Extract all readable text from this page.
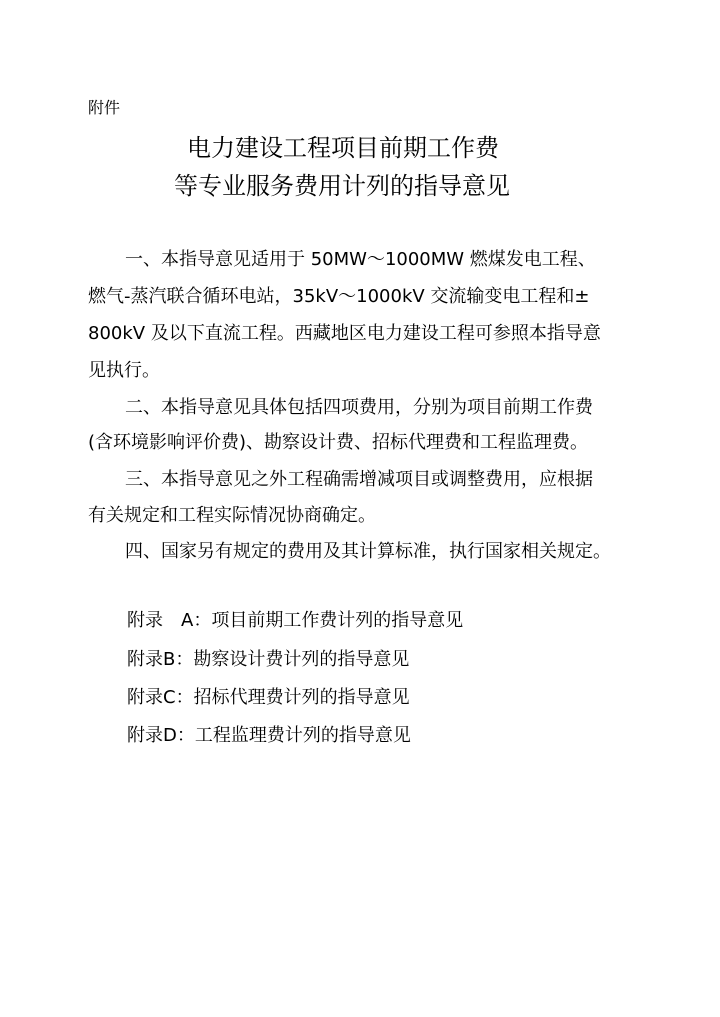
附件
电力建设工程项目前期工作费
等专业服务费用计列的指导意见
一、本指导意见适用于 50MW～1000MW 燃煤发电工程、
燃气-蒸汽联合循环电站，35kV～1000kV 交流输变电工程和±
800kV 及以下直流工程。西藏地区电力建设工程可参照本指导意
见执行。
二、本指导意见具体包括四项费用，分别为项目前期工作费
(含环境影响评价费)、勘察设计费、招标代理费和工程监理费。
三、本指导意见之外工程确需增减项目或调整费用，应根据
有关规定和工程实际情况协商确定。
四、国家另有规定的费用及其计算标准，执行国家相关规定。
附录　A：项目前期工作费计列的指导意见
附录B：勘察设计费计列的指导意见
附录C：招标代理费计列的指导意见
附录D：工程监理费计列的指导意见
